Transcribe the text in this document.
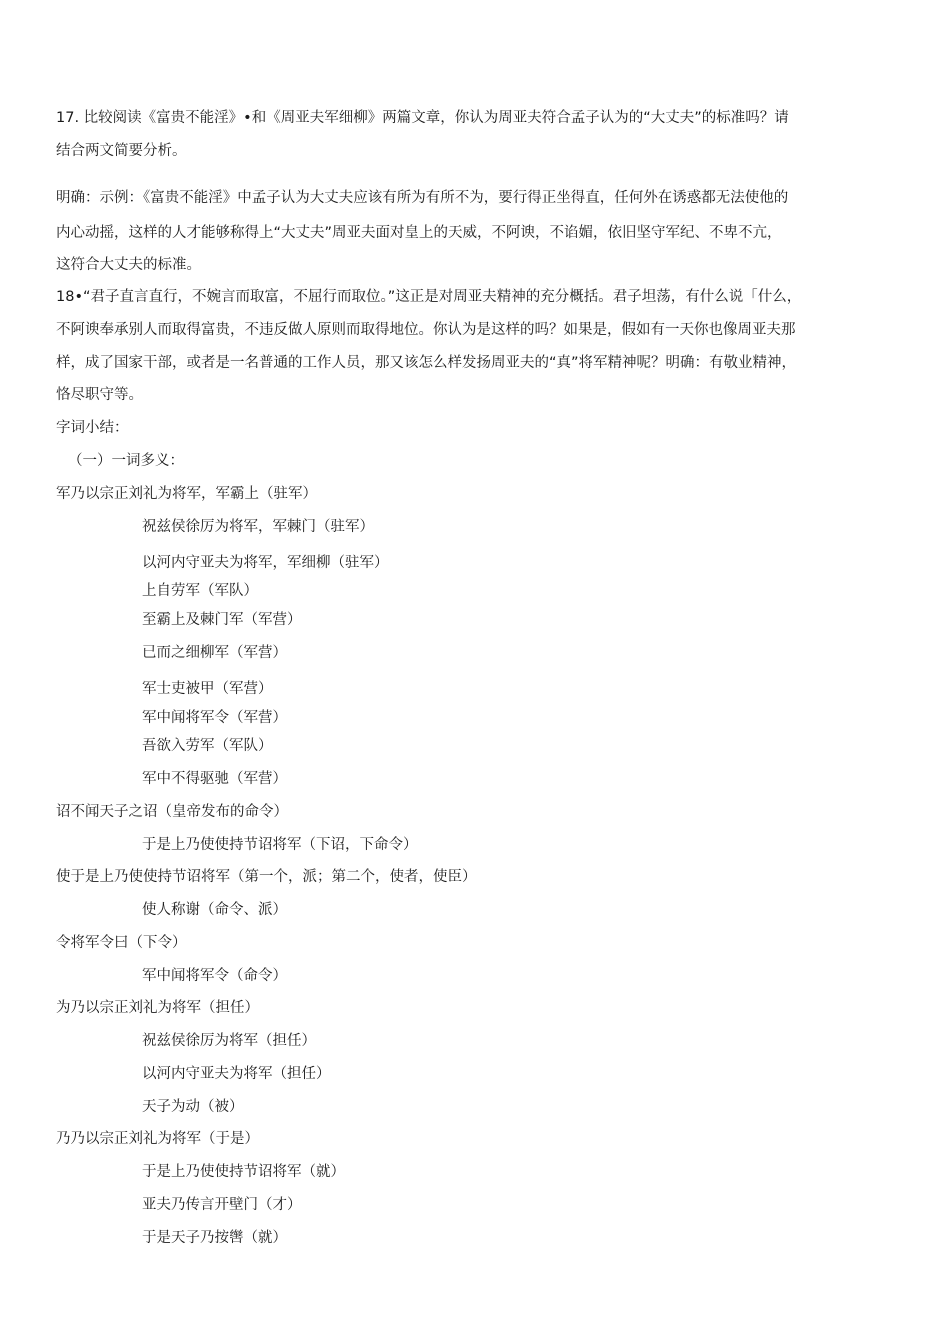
17. 比较阅读《富贵不能淫》•和《周亚夫军细柳》两篇文章，你认为周亚夫符合孟子认为的“大丈夫”的标准吗？请
结合两文简要分析。
明确：示例：《富贵不能淫》中孟子认为大丈夫应该有所为有所不为，要行得正坐得直，任何外在诱惑都无法使他的
内心动摇，这样的人才能够称得上“大丈夫”周亚夫面对皇上的天威，不阿谀，不谄媚，依旧坚守军纪、不卑不亢，
这符合大丈夫的标准。
18•“君子直言直行，不婉言而取富，不屈行而取位。”这正是对周亚夫精神的充分概括。君子坦荡，有什么说「什么，
不阿谀奉承别人而取得富贵，不违反做人原则而取得地位。你认为是这样的吗？如果是，假如有一天你也像周亚夫那
样，成了国家干部，或者是一名普通的工作人员，那又该怎么样发扬周亚夫的“真”将军精神呢？明确：有敬业精神，
恪尽职守等。
字词小结：
（一）一词多义：
军乃以宗正刘礼为将军，军霸上（驻军）
祝兹侯徐厉为将军，军棘门（驻军）
以河内守亚夫为将军，军细柳（驻军）
上自劳军（军队）
至霸上及棘门军（军营）
已而之细柳军（军营）
军士吏被甲（军营）
军中闻将军令（军营）
吾欲入劳军（军队）
军中不得驱驰（军营）
诏不闻天子之诏（皇帝发布的命令）
于是上乃使使持节诏将军（下诏，下命令）
使于是上乃使使持节诏将军（第一个，派；第二个，使者，使臣）
使人称谢（命令、派）
令将军令曰（下令）
军中闻将军令（命令）
为乃以宗正刘礼为将军（担任）
祝兹侯徐厉为将军（担任）
以河内守亚夫为将军（担任）
天子为动（被）
乃乃以宗正刘礼为将军（于是）
于是上乃使使持节诏将军（就）
亚夫乃传言开壁门（才）
于是天子乃按辔（就）
